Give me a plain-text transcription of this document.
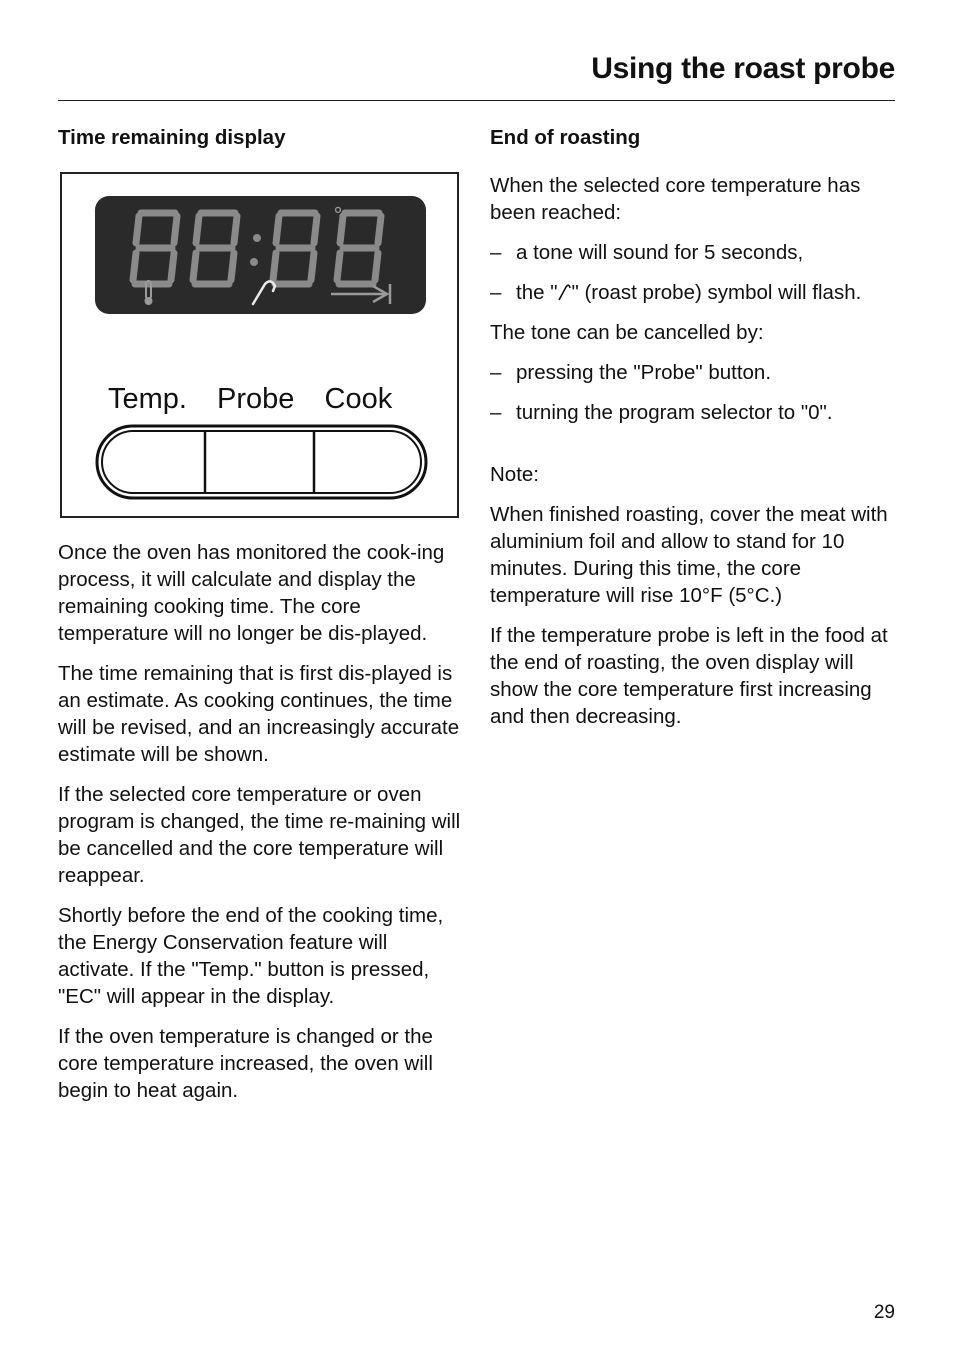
Using the roast probe
Time remaining display
°
Temp. Probe Cook

Once the oven has monitored the cook-ing process, it will calculate and display the remaining cooking time. The core temperature will no longer be dis-played.

The time remaining that is first dis-played is an estimate. As cooking continues, the time will be revised, and an increasingly accurate estimate will be shown.

If the selected core temperature or oven program is changed, the time re-maining will be cancelled and the core temperature will reappear.

Shortly before the end of the cooking time, the Energy Conservation feature will activate. If the "Temp." button is pressed, "EC" will appear in the display.

If the oven temperature is changed or the core temperature increased, the oven will begin to heat again.

End of roasting

When the selected core temperature has been reached:

– a tone will sound for 5 seconds,
– the " " (roast probe) symbol will flash.

The tone can be cancelled by:

– pressing the "Probe" button.
– turning the program selector to "0".

Note:

When finished roasting, cover the meat with aluminium foil and allow to stand for 10 minutes. During this time, the core temperature will rise 10°F (5°C.)

If the temperature probe is left in the food at the end of roasting, the oven display will show the core temperature first increasing and then decreasing.

29
